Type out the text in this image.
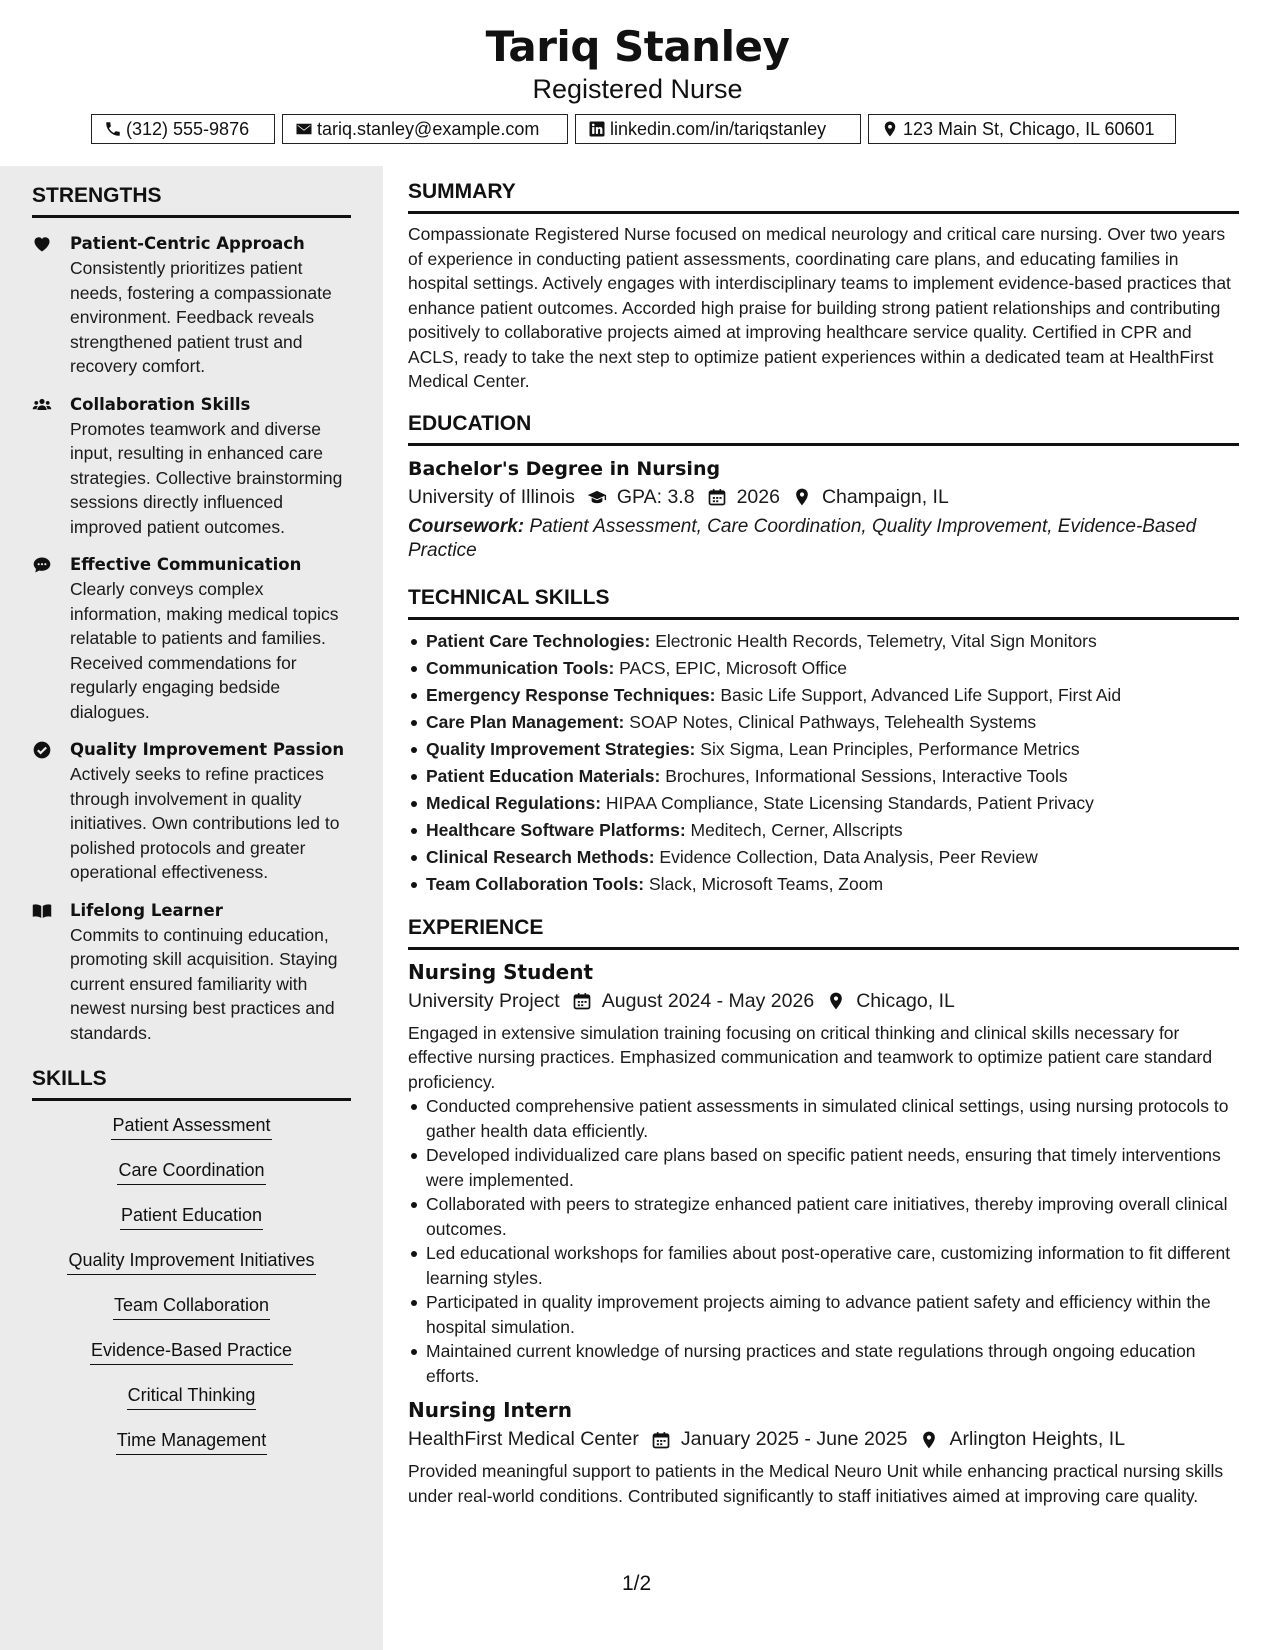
Tariq Stanley
Registered Nurse
(312) 555-9876	tariq.stanley@example.com	linkedin.com/in/tariqstanley	123 Main St, Chicago, IL 60601
STRENGTHS
Patient-Centric Approach
Consistently prioritizes patient needs, fostering a compassionate environment. Feedback reveals strengthened patient trust and recovery comfort.
Collaboration Skills
Promotes teamwork and diverse input, resulting in enhanced care strategies. Collective brainstorming sessions directly influenced improved patient outcomes.
Effective Communication
Clearly conveys complex information, making medical topics relatable to patients and families. Received commendations for regularly engaging bedside dialogues.
Quality Improvement Passion
Actively seeks to refine practices through involvement in quality initiatives. Own contributions led to polished protocols and greater operational effectiveness.
Lifelong Learner
Commits to continuing education, promoting skill acquisition. Staying current ensured familiarity with newest nursing best practices and standards.
SKILLS
Patient Assessment
Care Coordination
Patient Education
Quality Improvement Initiatives
Team Collaboration
Evidence-Based Practice
Critical Thinking
Time Management
SUMMARY
Compassionate Registered Nurse focused on medical neurology and critical care nursing. Over two years of experience in conducting patient assessments, coordinating care plans, and educating families in hospital settings. Actively engages with interdisciplinary teams to implement evidence-based practices that enhance patient outcomes. Accorded high praise for building strong patient relationships and contributing positively to collaborative projects aimed at improving healthcare service quality. Certified in CPR and ACLS, ready to take the next step to optimize patient experiences within a dedicated team at HealthFirst Medical Center.
EDUCATION
Bachelor's Degree in Nursing
University of Illinois GPA: 3.8 2026 Champaign, IL
Coursework: Patient Assessment, Care Coordination, Quality Improvement, Evidence-Based Practice
TECHNICAL SKILLS
Patient Care Technologies: Electronic Health Records, Telemetry, Vital Sign Monitors
Communication Tools: PACS, EPIC, Microsoft Office
Emergency Response Techniques: Basic Life Support, Advanced Life Support, First Aid
Care Plan Management: SOAP Notes, Clinical Pathways, Telehealth Systems
Quality Improvement Strategies: Six Sigma, Lean Principles, Performance Metrics
Patient Education Materials: Brochures, Informational Sessions, Interactive Tools
Medical Regulations: HIPAA Compliance, State Licensing Standards, Patient Privacy
Healthcare Software Platforms: Meditech, Cerner, Allscripts
Clinical Research Methods: Evidence Collection, Data Analysis, Peer Review
Team Collaboration Tools: Slack, Microsoft Teams, Zoom
EXPERIENCE
Nursing Student
University Project August 2024 - May 2026 Chicago, IL
Engaged in extensive simulation training focusing on critical thinking and clinical skills necessary for effective nursing practices. Emphasized communication and teamwork to optimize patient care standard proficiency.
Conducted comprehensive patient assessments in simulated clinical settings, using nursing protocols to gather health data efficiently.
Developed individualized care plans based on specific patient needs, ensuring that timely interventions were implemented.
Collaborated with peers to strategize enhanced patient care initiatives, thereby improving overall clinical outcomes.
Led educational workshops for families about post-operative care, customizing information to fit different learning styles.
Participated in quality improvement projects aiming to advance patient safety and efficiency within the hospital simulation.
Maintained current knowledge of nursing practices and state regulations through ongoing education efforts.
Nursing Intern
HealthFirst Medical Center January 2025 - June 2025 Arlington Heights, IL
Provided meaningful support to patients in the Medical Neuro Unit while enhancing practical nursing skills under real-world conditions. Contributed significantly to staff initiatives aimed at improving care quality.
1/2
